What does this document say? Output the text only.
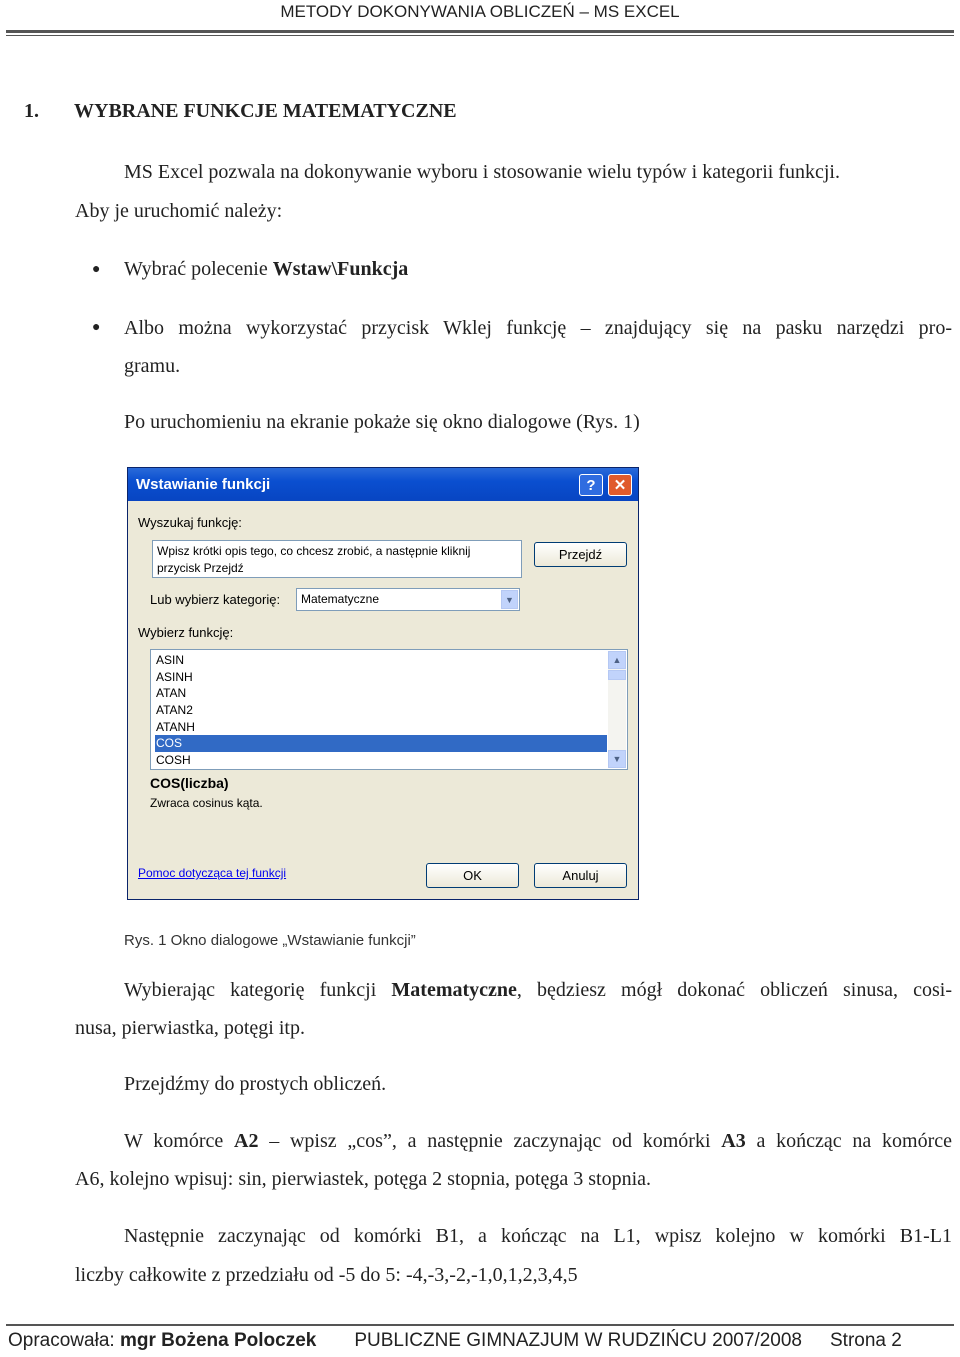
METODY DOKONYWANIA OBLICZEŃ – MS EXCEL
1. WYBRANE FUNKCJE MATEMATYCZNE
MS Excel pozwala na dokonywanie wyboru i stosowanie wielu typów i kategorii funkcji.
Aby je uruchomić należy:
● Wybrać polecenie Wstaw\Funkcja
● Albo można wykorzystać przycisk Wklej funkcję – znajdujący się na pasku narzędzi pro-
gramu.
Po uruchomieniu na ekranie pokaże się okno dialogowe (Rys. 1)
Wstawianie funkcji	?	✕
Wyszukaj funkcję:
Wpisz krótki opis tego, co chcesz zrobić, a następnie kliknij
przycisk Przejdź
Przejdź
Lub wybierz kategorię:	Matematyczne	▼
Wybierz funkcję:
ASIN
ASINH
ATAN
ATAN2
ATANH
COS
COSH
▲
▼
COS(liczba)
Zwraca cosinus kąta.
Pomoc dotycząca tej funkcji	OK	Anuluj
Rys. 1 Okno dialogowe „Wstawianie funkcji”
Wybierając kategorię funkcji Matematyczne, będziesz mógł dokonać obliczeń sinusa, cosi-
nusa, pierwiastka, potęgi itp.
Przejdźmy do prostych obliczeń.
W komórce A2 – wpisz „cos”, a następnie zaczynając od komórki A3 a kończąc na komórce
A6, kolejno wpisuj: sin, pierwiastek, potęga 2 stopnia, potęga 3 stopnia.
Następnie zaczynając od komórki B1, a kończąc na L1, wpisz kolejno w komórki B1-L1
liczby całkowite z przedziału od -5 do 5: -4,-3,-2,-1,0,1,2,3,4,5
Opracowała: mgr Bożena Poloczek PUBLICZNE GIMNAZJUM W RUDZIŃCU 2007/2008 Strona 2
